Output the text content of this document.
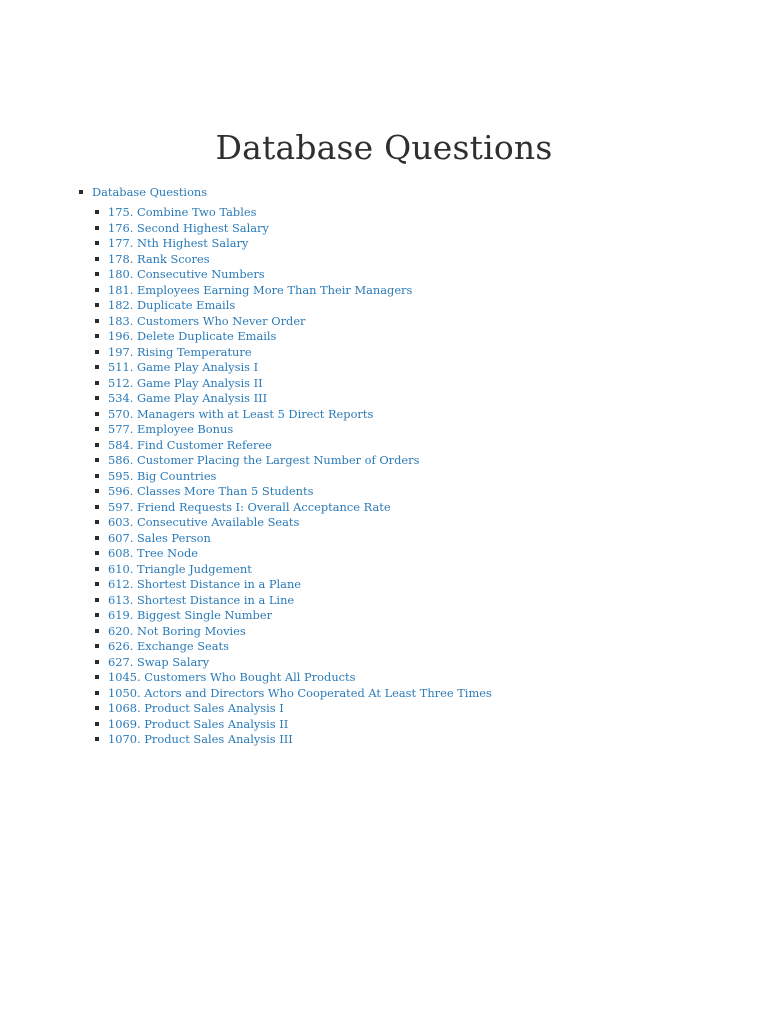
Database Questions
Database Questions
175. Combine Two Tables
176. Second Highest Salary
177. Nth Highest Salary
178. Rank Scores
180. Consecutive Numbers
181. Employees Earning More Than Their Managers
182. Duplicate Emails
183. Customers Who Never Order
196. Delete Duplicate Emails
197. Rising Temperature
511. Game Play Analysis I
512. Game Play Analysis II
534. Game Play Analysis III
570. Managers with at Least 5 Direct Reports
577. Employee Bonus
584. Find Customer Referee
586. Customer Placing the Largest Number of Orders
595. Big Countries
596. Classes More Than 5 Students
597. Friend Requests I: Overall Acceptance Rate
603. Consecutive Available Seats
607. Sales Person
608. Tree Node
610. Triangle Judgement
612. Shortest Distance in a Plane
613. Shortest Distance in a Line
619. Biggest Single Number
620. Not Boring Movies
626. Exchange Seats
627. Swap Salary
1045. Customers Who Bought All Products
1050. Actors and Directors Who Cooperated At Least Three Times
1068. Product Sales Analysis I
1069. Product Sales Analysis II
1070. Product Sales Analysis III
